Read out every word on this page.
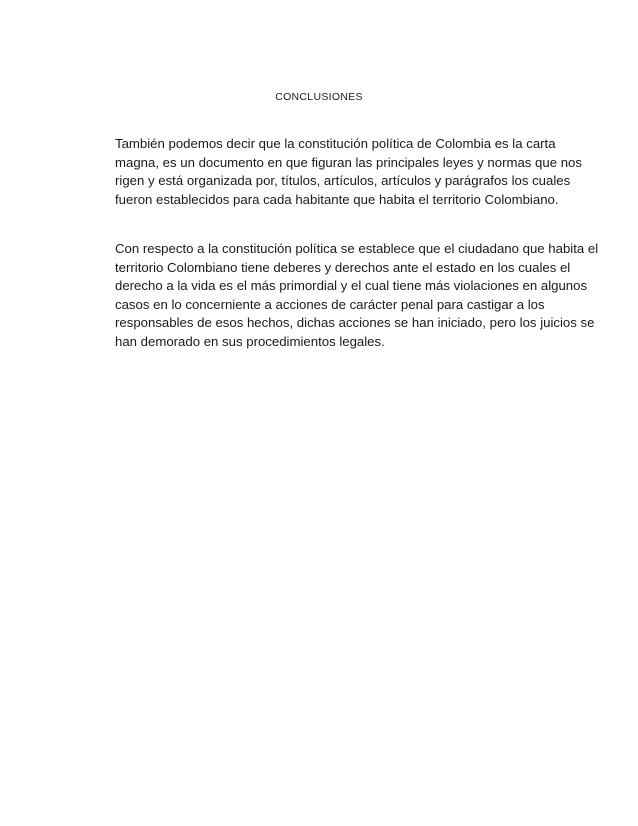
CONCLUSIONES

También podemos decir que la constitución política de Colombia es la carta
magna, es un documento en que figuran las principales leyes y normas que nos
rigen y está organizada por, títulos, artículos, artículos y parágrafos los cuales
fueron establecidos para cada habitante que habita el territorio Colombiano.

Con respecto a la constitución política se establece que el ciudadano que habita el
territorio Colombiano tiene deberes y derechos ante el estado en los cuales el
derecho a la vida es el más primordial y el cual tiene más violaciones en algunos
casos en lo concerniente a acciones de carácter penal para castigar a los
responsables de esos hechos, dichas acciones se han iniciado, pero los juicios se
han demorado en sus procedimientos legales.
